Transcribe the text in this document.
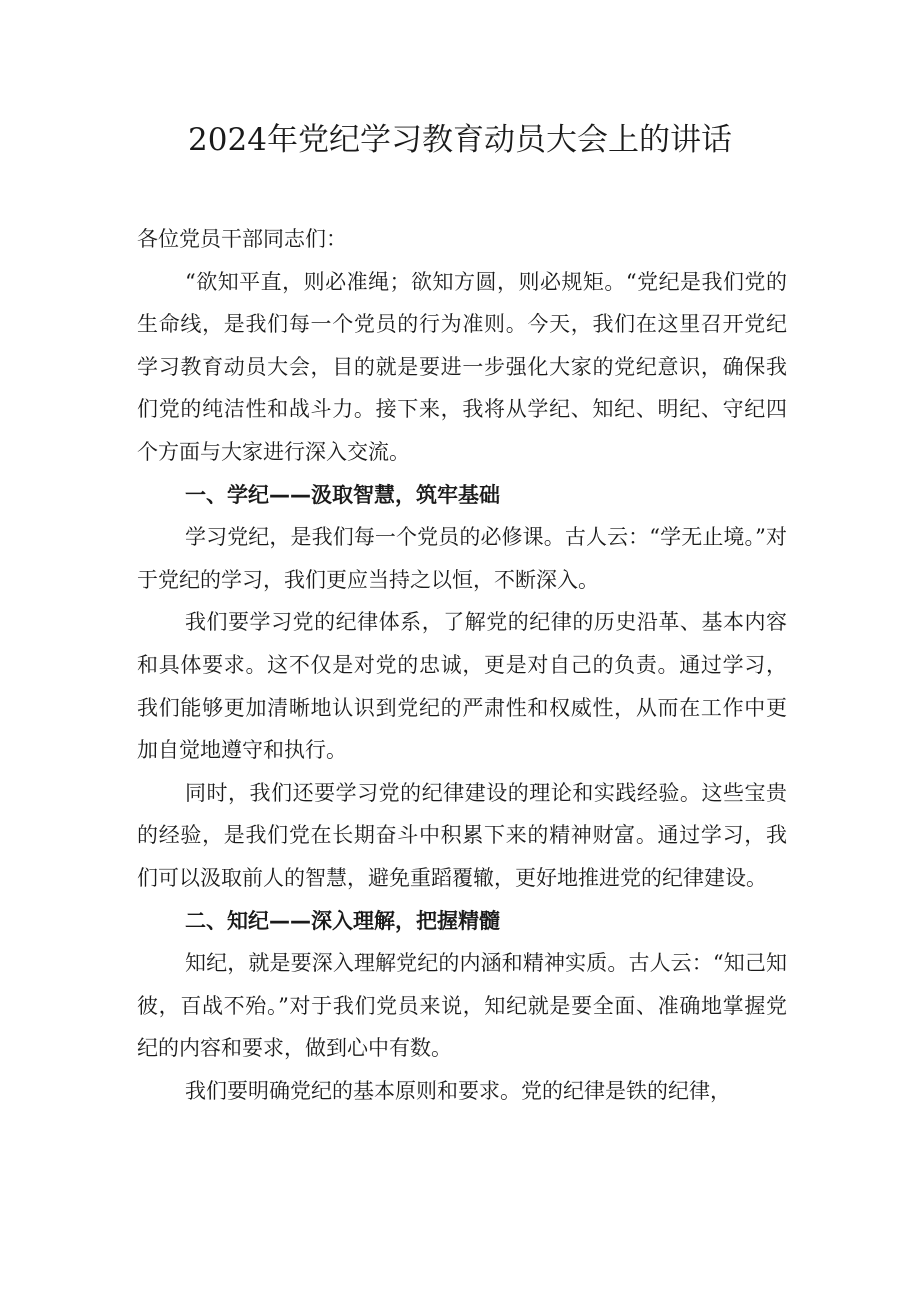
2024年党纪学习教育动员大会上的讲话

各位党员干部同志们：

“欲知平直，则必准绳；欲知方圆，则必规矩。“党纪是我们党的生命线，是我们每一个党员的行为准则。今天，我们在这里召开党纪学习教育动员大会，目的就是要进一步强化大家的党纪意识，确保我们党的纯洁性和战斗力。接下来，我将从学纪、知纪、明纪、守纪四个方面与大家进行深入交流。

一、学纪——汲取智慧，筑牢基础

学习党纪，是我们每一个党员的必修课。古人云：“学无止境。”对于党纪的学习，我们更应当持之以恒，不断深入。

我们要学习党的纪律体系，了解党的纪律的历史沿革、基本内容和具体要求。这不仅是对党的忠诚，更是对自己的负责。通过学习，我们能够更加清晰地认识到党纪的严肃性和权威性，从而在工作中更加自觉地遵守和执行。

同时，我们还要学习党的纪律建设的理论和实践经验。这些宝贵的经验，是我们党在长期奋斗中积累下来的精神财富。通过学习，我们可以汲取前人的智慧，避免重蹈覆辙，更好地推进党的纪律建设。

二、知纪——深入理解，把握精髓

知纪，就是要深入理解党纪的内涵和精神实质。古人云：“知己知彼，百战不殆。”对于我们党员来说，知纪就是要全面、准确地掌握党纪的内容和要求，做到心中有数。

我们要明确党纪的基本原则和要求。党的纪律是铁的纪律，
